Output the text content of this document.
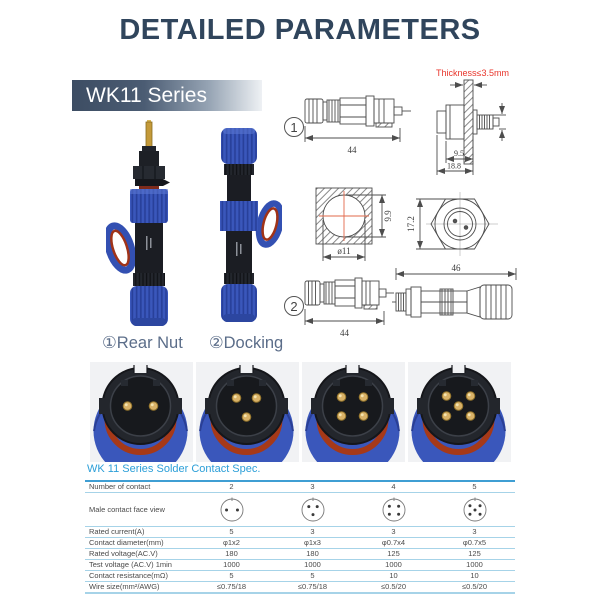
DETAILED PARAMETERS
WK11 Series
Thickness≤3.5mm
1
2
44	9.5
18.8
9.9
ø11
17.2
44
46
①Rear Nut ②Docking
WK 11 Series Solder Contact Spec.
Number of contact	2	3	4	5
Male contact face view				
Rated current(A)	5	3	3	3
Contact diameter(mm)	φ1x2	φ1x3	φ0.7x4	φ0.7x5
Rated voltage(AC.V)	180	180	125	125
Test voltage (AC.V) 1min	1000	1000	1000	1000
Contact resistance(mΩ)	5	5	10	10
Wire size(mm²/AWG)	≤0.75/18	≤0.75/18	≤0.5/20	≤0.5/20
